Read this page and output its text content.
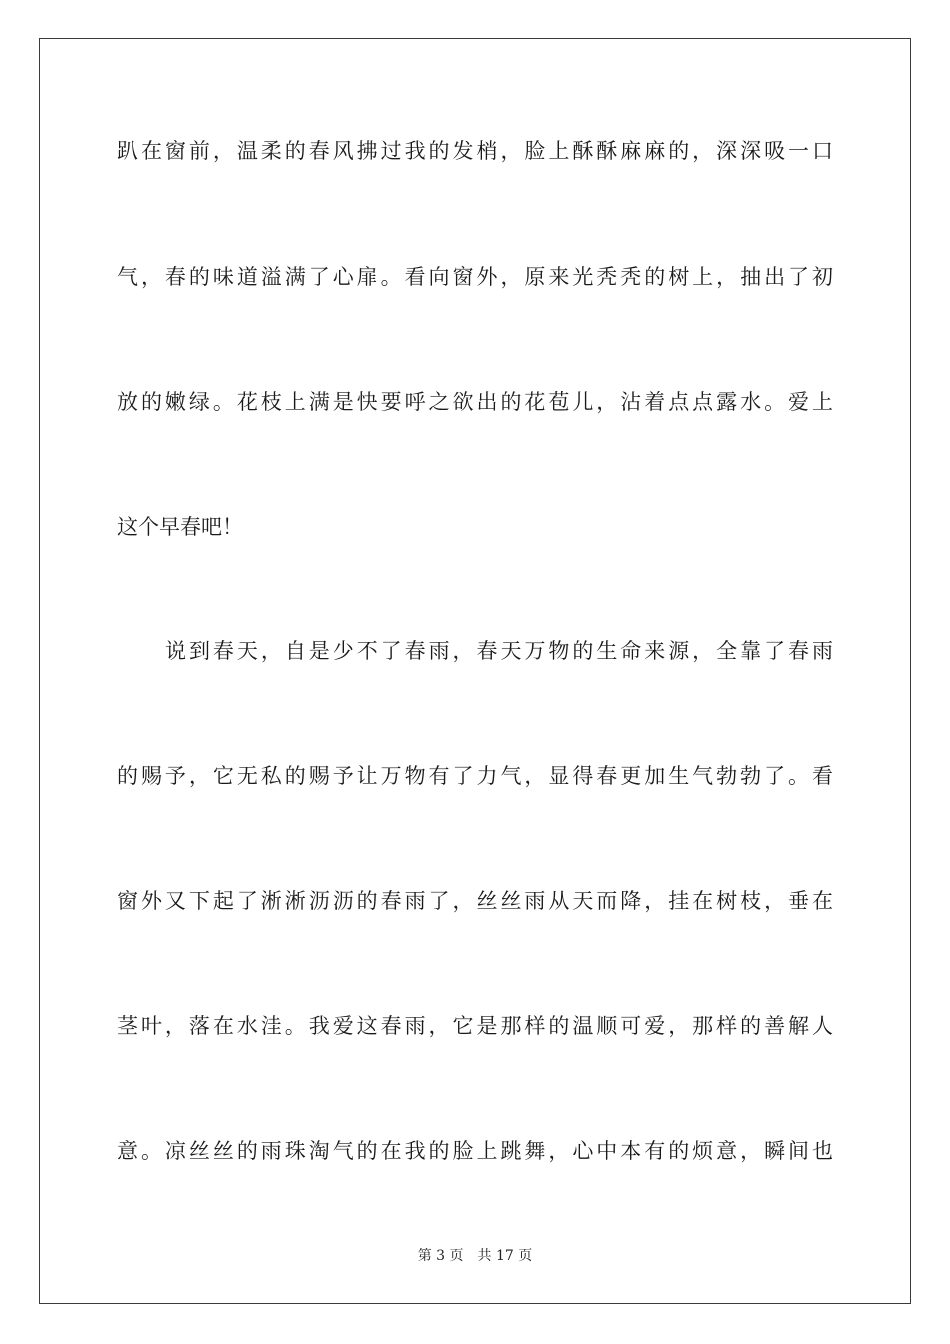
趴在窗前，温柔的春风拂过我的发梢，脸上酥酥麻麻的，深深吸一口
气，春的味道溢满了心扉。看向窗外，原来光秃秃的树上，抽出了初
放的嫩绿。花枝上满是快要呼之欲出的花苞儿，沾着点点露水。爱上
这个早春吧！
说到春天，自是少不了春雨，春天万物的生命来源，全靠了春雨
的赐予，它无私的赐予让万物有了力气，显得春更加生气勃勃了。看
窗外又下起了淅淅沥沥的春雨了，丝丝雨从天而降，挂在树枝，垂在
茎叶，落在水洼。我爱这春雨，它是那样的温顺可爱，那样的善解人
意。凉丝丝的雨珠淘气的在我的脸上跳舞，心中本有的烦意，瞬间也
第 3 页 共 17 页
